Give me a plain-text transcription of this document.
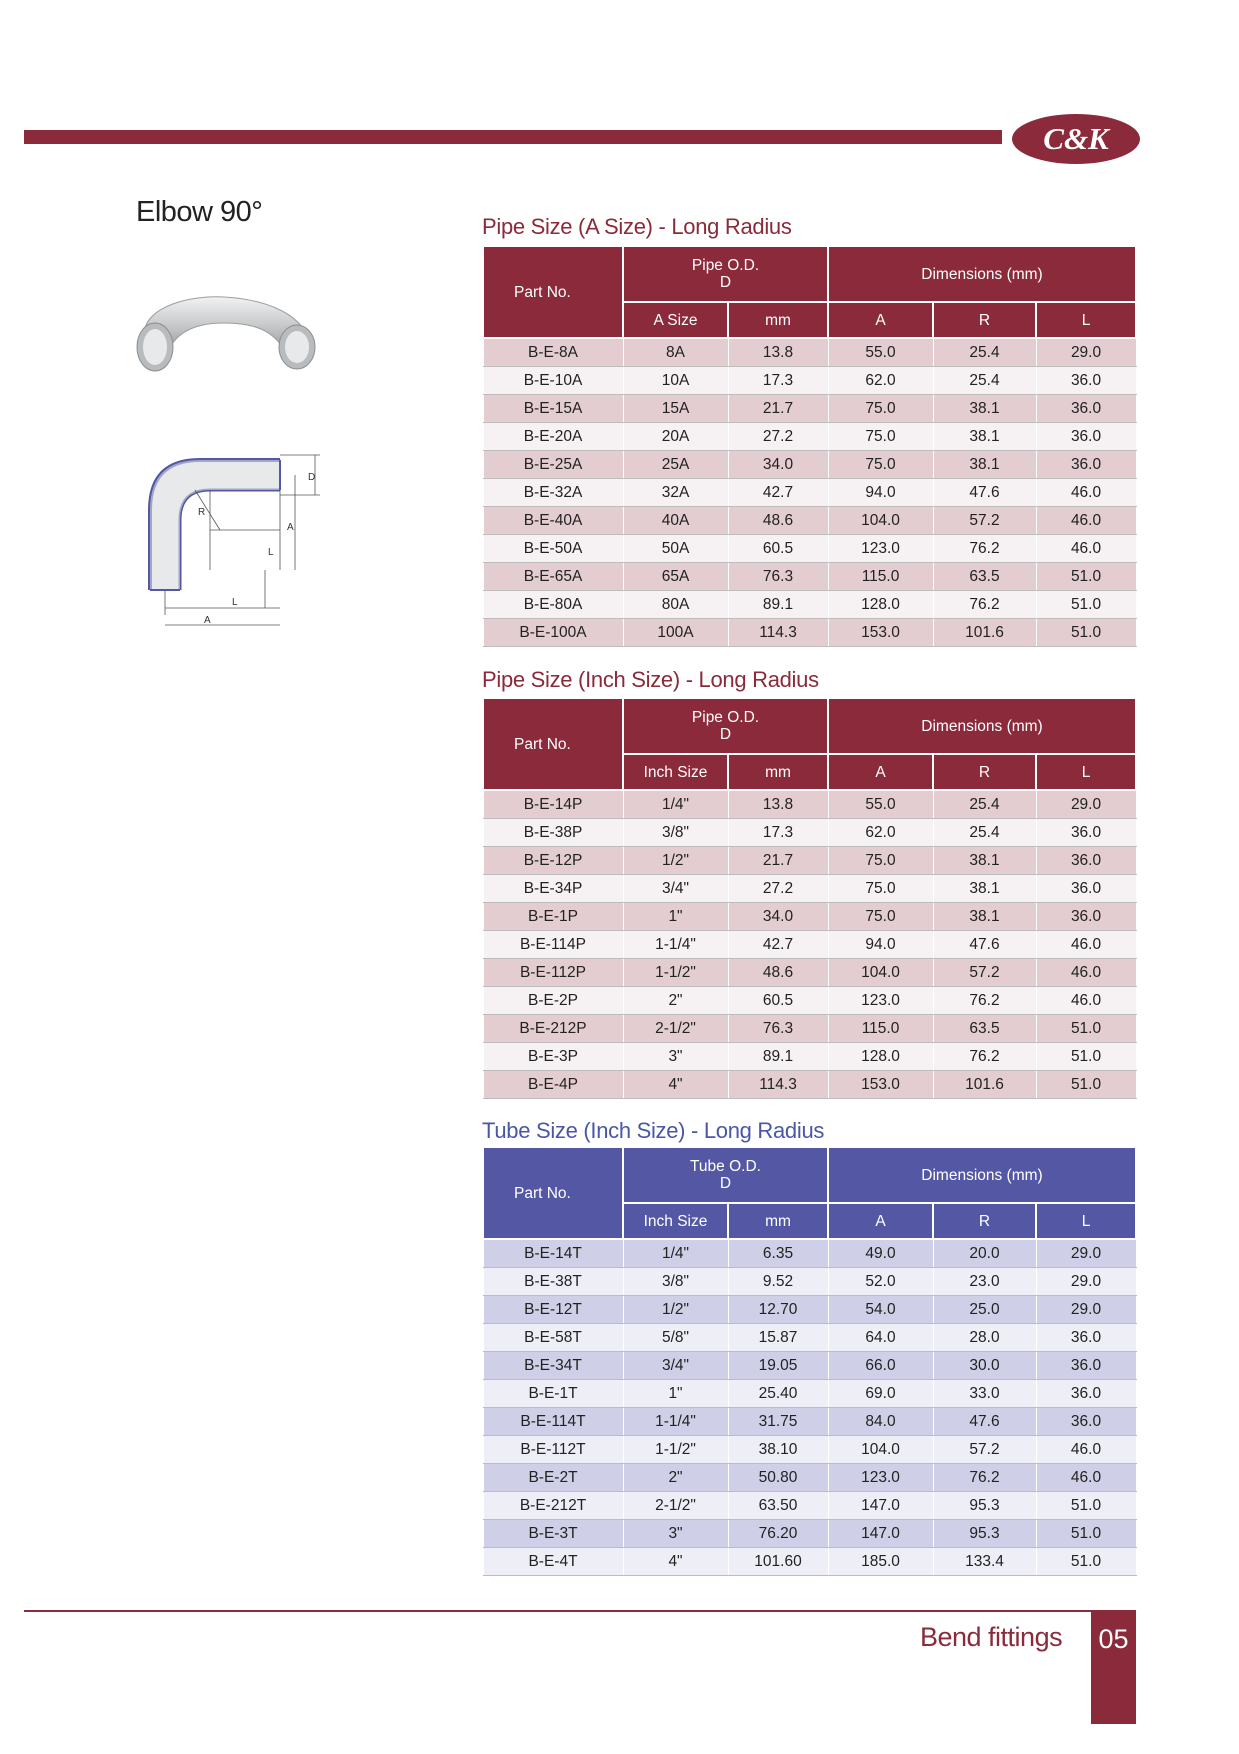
C&K
Elbow 90°
D
A
R
L
L
A
Pipe Size (A Size) - Long Radius
Pipe Size (Inch Size) - Long Radius
Tube Size (Inch Size) - Long Radius
Part No.	Pipe O.D.
D		Dimensions (mm)		
	A Size	mm	A	R	L
B-E-8A	8A	13.8	55.0	25.4	29.0
B-E-10A	10A	17.3	62.0	25.4	36.0
B-E-15A	15A	21.7	75.0	38.1	36.0
B-E-20A	20A	27.2	75.0	38.1	36.0
B-E-25A	25A	34.0	75.0	38.1	36.0
B-E-32A	32A	42.7	94.0	47.6	46.0
B-E-40A	40A	48.6	104.0	57.2	46.0
B-E-50A	50A	60.5	123.0	76.2	46.0
B-E-65A	65A	76.3	115.0	63.5	51.0
B-E-80A	80A	89.1	128.0	76.2	51.0
B-E-100A	100A	114.3	153.0	101.6	51.0
Part No.	Pipe O.D.
D		Dimensions (mm)		
	Inch Size	mm	A	R	L
B-E-14P	1/4"	13.8	55.0	25.4	29.0
B-E-38P	3/8"	17.3	62.0	25.4	36.0
B-E-12P	1/2"	21.7	75.0	38.1	36.0
B-E-34P	3/4"	27.2	75.0	38.1	36.0
B-E-1P	1"	34.0	75.0	38.1	36.0
B-E-114P	1-1/4"	42.7	94.0	47.6	46.0
B-E-112P	1-1/2"	48.6	104.0	57.2	46.0
B-E-2P	2"	60.5	123.0	76.2	46.0
B-E-212P	2-1/2"	76.3	115.0	63.5	51.0
B-E-3P	3"	89.1	128.0	76.2	51.0
B-E-4P	4"	114.3	153.0	101.6	51.0
Part No.	Tube O.D.
D		Dimensions (mm)		
	Inch Size	mm	A	R	L
B-E-14T	1/4"	6.35	49.0	20.0	29.0
B-E-38T	3/8"	9.52	52.0	23.0	29.0
B-E-12T	1/2"	12.70	54.0	25.0	29.0
B-E-58T	5/8"	15.87	64.0	28.0	36.0
B-E-34T	3/4"	19.05	66.0	30.0	36.0
B-E-1T	1"	25.40	69.0	33.0	36.0
B-E-114T	1-1/4"	31.75	84.0	47.6	36.0
B-E-112T	1-1/2"	38.10	104.0	57.2	46.0
B-E-2T	2"	50.80	123.0	76.2	46.0
B-E-212T	2-1/2"	63.50	147.0	95.3	51.0
B-E-3T	3"	76.20	147.0	95.3	51.0
B-E-4T	4"	101.60	185.0	133.4	51.0
Bend fittings 05
